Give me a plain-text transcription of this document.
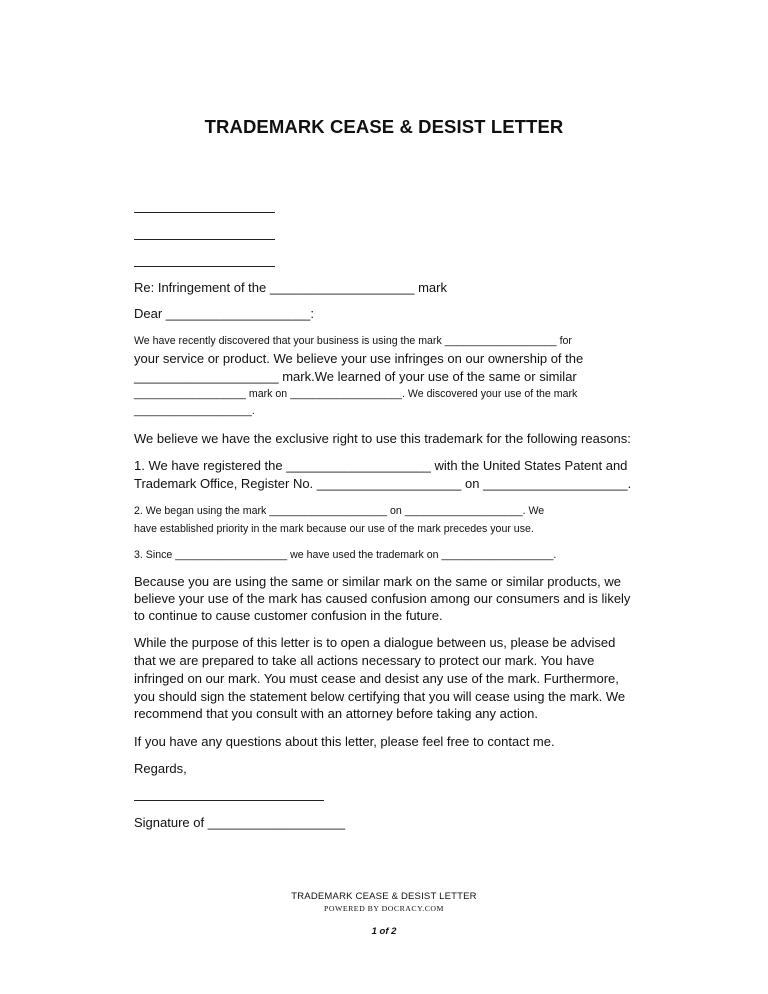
TRADEMARK CEASE & DESIST LETTER
Re: Infringement of the ____________________ mark
Dear ____________________:
We have recently discovered that your business is using the mark ___________________ for
your service or product. We believe your use infringes on our ownership of the
____________________ mark.We learned of your use of the same or similar
___________________ mark on ___________________. We discovered your use of the mark
____________________.
We believe we have the exclusive right to use this trademark for the following reasons:
1. We have registered the ____________________ with the United States Patent and
Trademark Office, Register No. ____________________ on ____________________.
2. We began using the mark ____________________ on ____________________. We
have established priority in the mark because our use of the mark precedes your use.
3. Since ___________________ we have used the trademark on ___________________.
Because you are using the same or similar mark on the same or similar products, we
believe your use of the mark has caused confusion among our consumers and is likely
to continue to cause customer confusion in the future.
While the purpose of this letter is to open a dialogue between us, please be advised
that we are prepared to take all actions necessary to protect our mark. You have
infringed on our mark. You must cease and desist any use of the mark. Furthermore,
you should sign the statement below certifying that you will cease using the mark. We
recommend that you consult with an attorney before taking any action.
If you have any questions about this letter, please feel free to contact me.
Regards,
Signature of ___________________
TRADEMARK CEASE & DESIST LETTER
POWERED BY DOCRACY.COM
1 of 2
